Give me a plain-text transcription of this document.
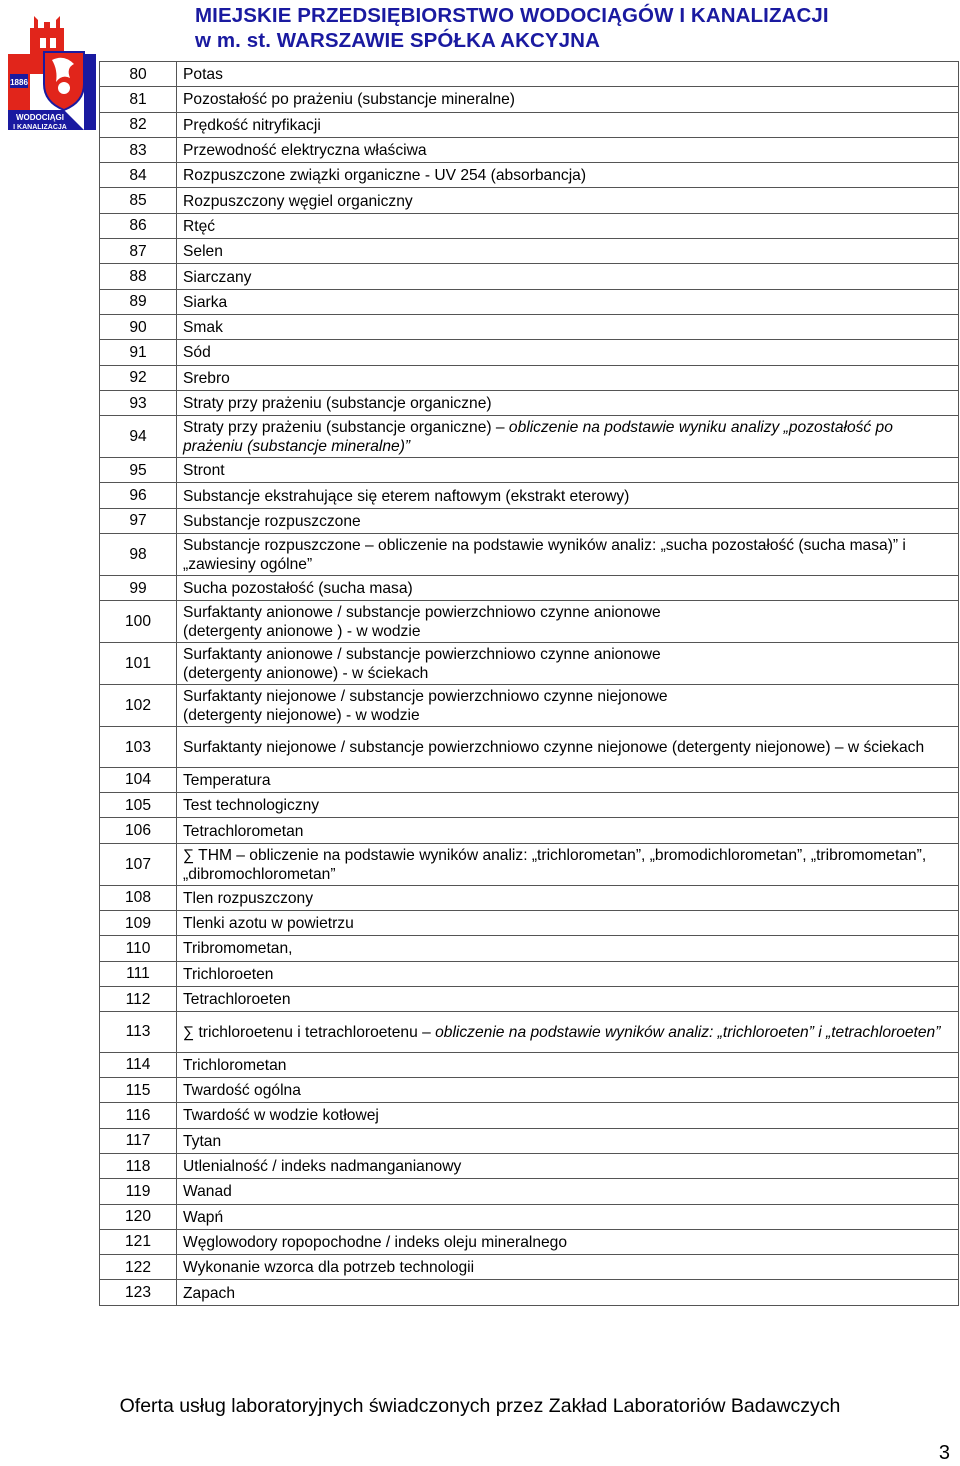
1886
WODOCIĄGI
I KANALIZACJA
MIEJSKIE PRZEDSIĘBIORSTWO WODOCIĄGÓW I KANALIZACJI
w m. st. WARSZAWIE SPÓŁKA AKCYJNA
80	Potas
81	Pozostałość po prażeniu (substancje mineralne)
82	Prędkość nitryfikacji
83	Przewodność elektryczna właściwa
84	Rozpuszczone związki organiczne - UV 254 (absorbancja)
85	Rozpuszczony węgiel organiczny
86	Rtęć
87	Selen
88	Siarczany
89	Siarka
90	Smak
91	Sód
92	Srebro
93	Straty przy prażeniu (substancje organiczne)
94	Straty przy prażeniu (substancje organiczne) – obliczenie na podstawie wyniku analizy „pozostałość po prażeniu (substancje mineralne)”
95	Stront
96	Substancje ekstrahujące się eterem naftowym (ekstrakt eterowy)
97	Substancje rozpuszczone
98	Substancje rozpuszczone – obliczenie na podstawie wyników analiz: „sucha pozostałość (sucha masa)” i „zawiesiny ogólne”
99	Sucha pozostałość (sucha masa)
100	Surfaktanty anionowe / substancje powierzchniowo czynne anionowe
(detergenty anionowe ) - w wodzie
101	Surfaktanty anionowe / substancje powierzchniowo czynne anionowe
(detergenty anionowe) - w ściekach
102	Surfaktanty niejonowe / substancje powierzchniowo czynne niejonowe
(detergenty niejonowe) - w wodzie
103	Surfaktanty niejonowe / substancje powierzchniowo czynne niejonowe (detergenty niejonowe) – w ściekach
104	Temperatura
105	Test technologiczny
106	Tetrachlorometan
107	∑ THM – obliczenie na podstawie wyników analiz: „trichlorometan”, „bromodichlorometan”, „tribromometan”, „dibromochlorometan”
108	Tlen rozpuszczony
109	Tlenki azotu w powietrzu
110	Tribromometan,
111	Trichloroeten
112	Tetrachloroeten
113	∑ trichloroetenu i tetrachloroetenu – obliczenie na podstawie wyników analiz: „trichloroeten” i „tetrachloroeten”
114	Trichlorometan
115	Twardość ogólna
116	Twardość w wodzie kotłowej
117	Tytan
118	Utlenialność / indeks nadmanganianowy
119	Wanad
120	Wapń
121	Węglowodory ropopochodne / indeks oleju mineralnego
122	Wykonanie wzorca dla potrzeb technologii
123	Zapach
Oferta usług laboratoryjnych świadczonych przez Zakład Laboratoriów Badawczych
3
